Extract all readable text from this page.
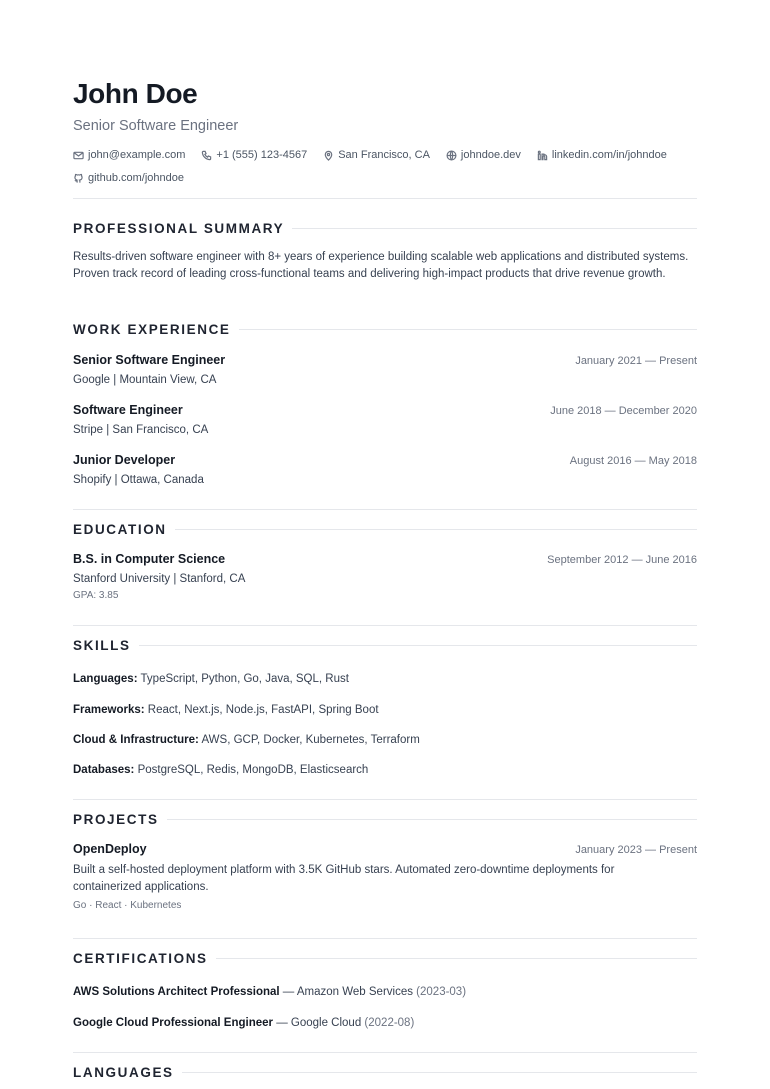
John Doe
Senior Software Engineer
john@example.com	+1 (555) 123-4567	San Francisco, CA	johndoe.dev	linkedin.com/in/johndoe
github.com/johndoe
PROFESSIONAL SUMMARY

Results-driven software engineer with 8+ years of experience building scalable web applications and distributed systems. Proven track record of leading cross-functional teams and delivering high-impact products that drive revenue growth.

WORK EXPERIENCE
Senior Software Engineer	January 2021 — Present
Google | Mountain View, CA
Software Engineer	June 2018 — December 2020
Stripe | San Francisco, CA
Junior Developer	August 2016 — May 2018
Shopify | Ottawa, Canada
EDUCATION
B.S. in Computer Science	September 2012 — June 2016
Stanford University | Stanford, CA
GPA: 3.85
SKILLS
Languages: TypeScript, Python, Go, Java, SQL, Rust
Frameworks: React, Next.js, Node.js, FastAPI, Spring Boot
Cloud & Infrastructure: AWS, GCP, Docker, Kubernetes, Terraform
Databases: PostgreSQL, Redis, MongoDB, Elasticsearch
PROJECTS
OpenDeploy	January 2023 — Present

Built a self-hosted deployment platform with 3.5K GitHub stars. Automated zero-downtime deployments for containerized applications.

Go · React · Kubernetes
CERTIFICATIONS
AWS Solutions Architect Professional — Amazon Web Services (2023-03)
Google Cloud Professional Engineer — Google Cloud (2022-08)
LANGUAGES
